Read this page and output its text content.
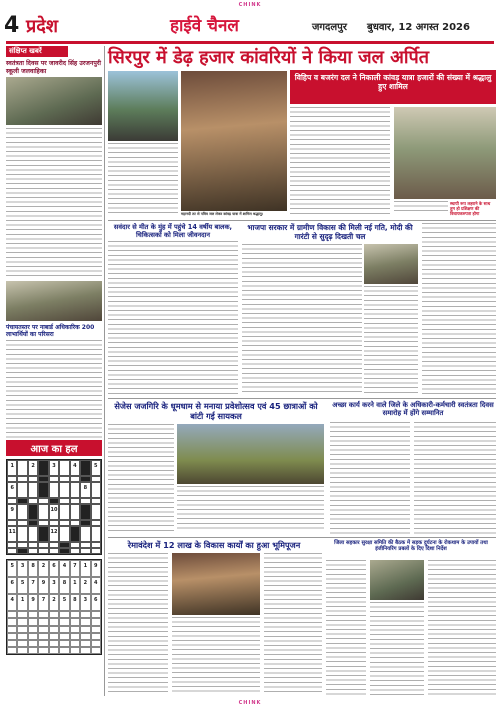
CHINK
4 प्रदेश	हाईवे चैनल	जगदलपुर बुधवार, 12 अगस्त 2026
संक्षिप्त खबरें
स्वतंत्रता दिवस पर जावरीद सिंह उरजनपुरी स्कूली जलवाहिका
पंचायतस्तर पर नाबार्ड अधिकारिक 200 लाभार्थियों का परिसरा
आज का हल
1	2	3	4	5
6	8
9	10
11	12
5	3	8	2	6	4	7	1	9
6	5	7	9	3	8	1	2	4
4	1	9	7	2	5	8	3	6
सिरपुर में डेढ़ हजार कांवरियों ने किया जल अर्पित
विहिप व बजरंग दल ने निकाली कांवड़ यात्रा हजारों की संख्या में श्रद्धालु हुए शामिल
महानदी तट से पवित्र जल लेकर कांवड़ यात्रा में शामिल श्रद्धालु।
स्थायी रूप लहराने के साथ तुम हो प्रशिक्षण की विधायकरुपता होगा
सवंदार से मीत के मुंह में पहुंचे 14 वर्षीय बालक, चिकित्सकों को मिला जीवनदान
भाजपा सरकार में ग्रामीण विकास की मिली नई गति, मोदी की गारंटी से सुदृढ़ दिखती चल
सेजेस जजगिरि के धूमधाम से मनाया प्रवेशोत्सव एवं 45 छात्राओं को बांटी गई सायकल
अच्छा कार्य करने वाले जिले के अधिकारी-कर्मचारी स्वतंत्रता दिवस समारोह में होंगे सम्मानित
रेमावंदेश में 12 लाख के विकास कार्यों का हुआ भूमिपूजन	जिला सहकार सुरक्षा समिति की बैठक में सड़क दुर्घटना के रोकथाम के उपायों तथा इंजीनियरिंग प्रबलों के दिए दिशा निर्देश
CHINK
